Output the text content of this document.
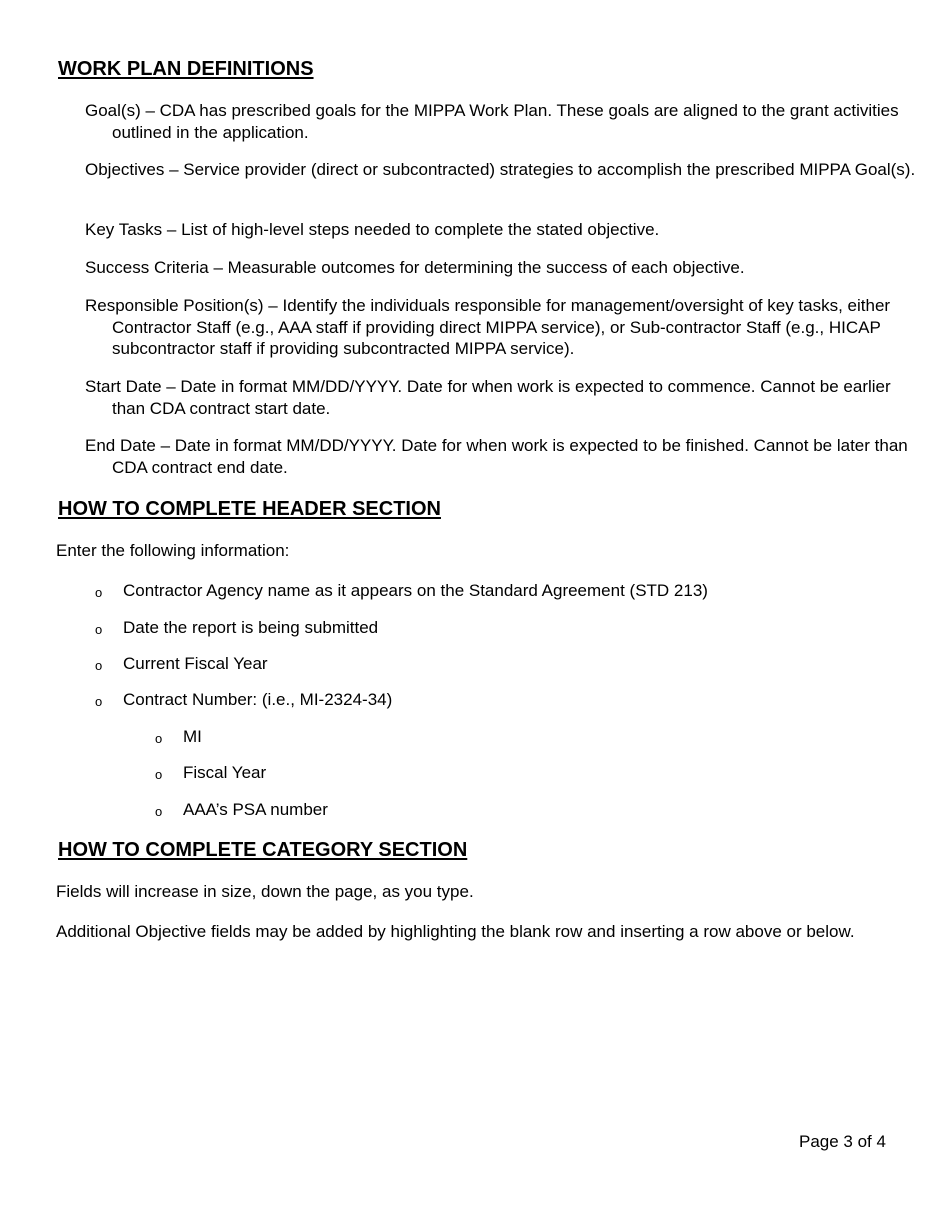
WORK PLAN DEFINITIONS

Goal(s) – CDA has prescribed goals for the MIPPA Work Plan. These goals are aligned to the grant activities outlined in the application.

Objectives – Service provider (direct or subcontracted) strategies to accomplish the prescribed MIPPA Goal(s).

Key Tasks – List of high-level steps needed to complete the stated objective.

Success Criteria – Measurable outcomes for determining the success of each objective.

Responsible Position(s) – Identify the individuals responsible for management/oversight of key tasks, either Contractor Staff (e.g., AAA staff if providing direct MIPPA service), or Sub-contractor Staff (e.g., HICAP subcontractor staff if providing subcontracted MIPPA service).

Start Date – Date in format MM/DD/YYYY. Date for when work is expected to commence. Cannot be earlier than CDA contract start date.

End Date – Date in format MM/DD/YYYY. Date for when work is expected to be finished. Cannot be later than CDA contract end date.

HOW TO COMPLETE HEADER SECTION

Enter the following information:

o	Contractor Agency name as it appears on the Standard Agreement (STD 213)
o	Date the report is being submitted
o	Current Fiscal Year
o	Contract Number: (i.e., MI-2324-34)
o	MI
o	Fiscal Year
o	AAA’s PSA number
HOW TO COMPLETE CATEGORY SECTION

Fields will increase in size, down the page, as you type.

Additional Objective fields may be added by highlighting the blank row and inserting a row above or below.

Page 3 of 4
